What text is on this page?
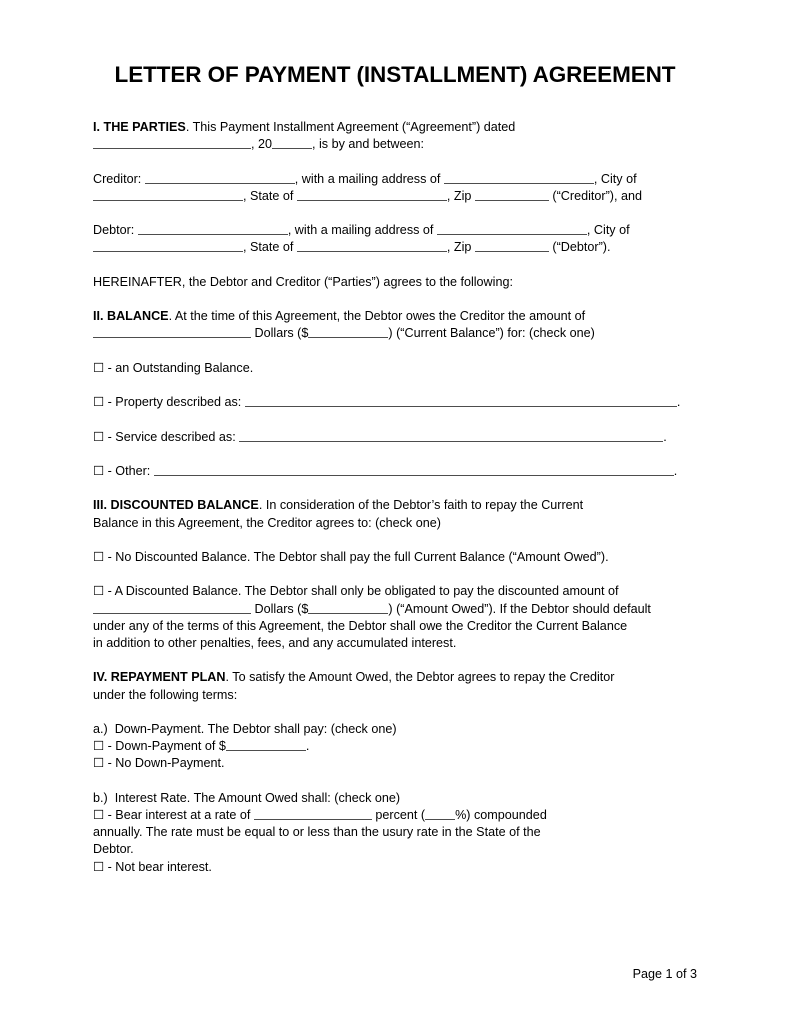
LETTER OF PAYMENT (INSTALLMENT) AGREEMENT

I. THE PARTIES. This Payment Installment Agreement (“Agreement”) dated

, 20	, is by and between:

Creditor:	, with a mailing address of	, City of

, State of	, Zip	(“Creditor”), and

Debtor:	, with a mailing address of	, City of

, State of	, Zip	(“Debtor”).

HEREINAFTER, the Debtor and Creditor (“Parties”) agrees to the following:

II. BALANCE. At the time of this Agreement, the Debtor owes the Creditor the amount of

Dollars ($	) (“Current Balance”) for: (check one)

☐ - an Outstanding Balance.

☐ - Property described as:	.

☐ - Service described as:	.

☐ - Other:	.

III. DISCOUNTED BALANCE. In consideration of the Debtor’s faith to repay the Current

Balance in this Agreement, the Creditor agrees to: (check one)

☐ - No Discounted Balance. The Debtor shall pay the full Current Balance (“Amount Owed”).

☐ - A Discounted Balance. The Debtor shall only be obligated to pay the discounted amount of

Dollars ($	) (“Amount Owed”). If the Debtor should default

under any of the terms of this Agreement, the Debtor shall owe the Creditor the Current Balance

in addition to other penalties, fees, and any accumulated interest.

IV. REPAYMENT PLAN. To satisfy the Amount Owed, the Debtor agrees to repay the Creditor

under the following terms:

a.) Down-Payment. The Debtor shall pay: (check one)

☐ - Down-Payment of $	.

☐ - No Down-Payment.

b.) Interest Rate. The Amount Owed shall: (check one)

☐ - Bear interest at a rate of	percent ( %) compounded

annually. The rate must be equal to or less than the usury rate in the State of the

Debtor.

☐ - Not bear interest.

Page 1 of 3
